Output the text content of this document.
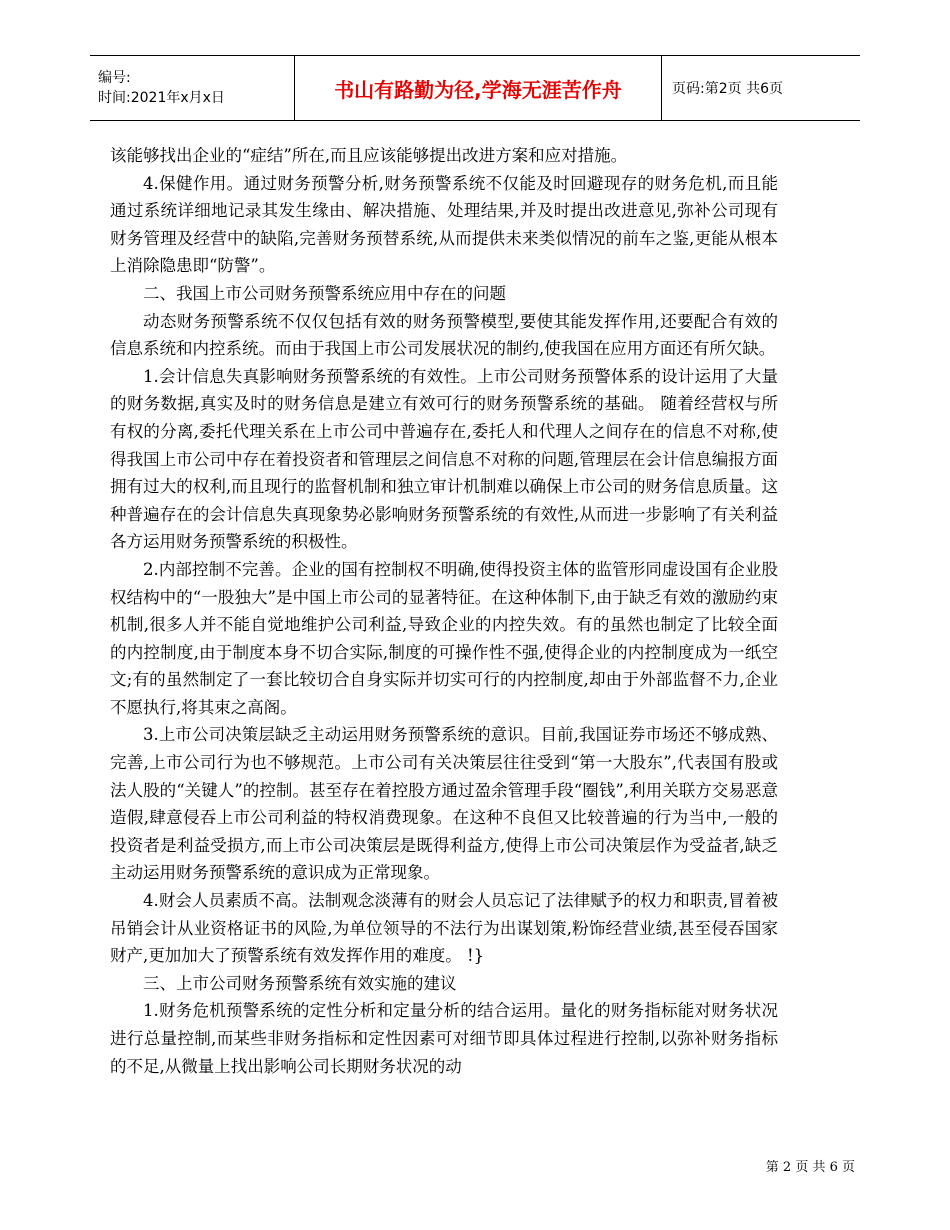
编号:
时间:2021年x月x日	书山有路勤为径,学海无涯苦作舟	页码:第2页 共6页

该能够找出企业的“症结”所在,而且应该能够提出改进方案和应对措施。

4.保健作用。通过财务预警分析,财务预警系统不仅能及时回避现存的财务危机,而且能通过系统详细地记录其发生缘由、解决措施、处理结果,并及时提出改进意见,弥补公司现有财务管理及经营中的缺陷,完善财务预替系统,从而提供未来类似情况的前车之鉴,更能从根本上消除隐患即“防警”。

二、我国上市公司财务预警系统应用中存在的问题

动态财务预警系统不仅仅包括有效的财务预警模型,要使其能发挥作用,还要配合有效的信息系统和内控系统。而由于我国上市公司发展状况的制约,使我国在应用方面还有所欠缺。

1.会计信息失真影响财务预警系统的有效性。上市公司财务预警体系的设计运用了大量的财务数据,真实及时的财务信息是建立有效可行的财务预警系统的基础。 随着经营权与所有权的分离,委托代理关系在上市公司中普遍存在,委托人和代理人之间存在的信息不对称,使得我国上市公司中存在着投资者和管理层之间信息不对称的问题,管理层在会计信息编报方面拥有过大的权利,而且现行的监督机制和独立审计机制难以确保上市公司的财务信息质量。这种普遍存在的会计信息失真现象势必影响财务预警系统的有效性,从而进一步影响了有关利益各方运用财务预警系统的积极性。

2.内部控制不完善。企业的国有控制权不明确,使得投资主体的监管形同虚设国有企业股权结构中的“一股独大”是中国上市公司的显著特征。在这种体制下,由于缺乏有效的激励约束机制,很多人并不能自觉地维护公司利益,导致企业的内控失效。有的虽然也制定了比较全面的内控制度,由于制度本身不切合实际,制度的可操作性不强,使得企业的内控制度成为一纸空文;有的虽然制定了一套比较切合自身实际并切实可行的内控制度,却由于外部监督不力,企业不愿执行,将其束之高阁。

3.上市公司决策层缺乏主动运用财务预警系统的意识。目前,我国证券市场还不够成熟、完善,上市公司行为也不够规范。上市公司有关决策层往往受到“第一大股东”,代表国有股或法人股的“关键人”的控制。甚至存在着控股方通过盈余管理手段“圈钱”,利用关联方交易恶意造假,肆意侵吞上市公司利益的特权消费现象。在这种不良但又比较普遍的行为当中,一般的投资者是利益受损方,而上市公司决策层是既得利益方,使得上市公司决策层作为受益者,缺乏主动运用财务预警系统的意识成为正常现象。

4.财会人员素质不高。法制观念淡薄有的财会人员忘记了法律赋予的权力和职责,冒着被吊销会计从业资格证书的风险,为单位领导的不法行为出谋划策,粉饰经营业绩,甚至侵吞国家财产,更加加大了预警系统有效发挥作用的难度。 !}

三、上市公司财务预警系统有效实施的建议

1.财务危机预警系统的定性分析和定量分析的结合运用。量化的财务指标能对财务状况进行总量控制,而某些非财务指标和定性因素可对细节即具体过程进行控制,以弥补财务指标的不足,从微量上找出影响公司长期财务状况的动

第 2 页 共 6 页
